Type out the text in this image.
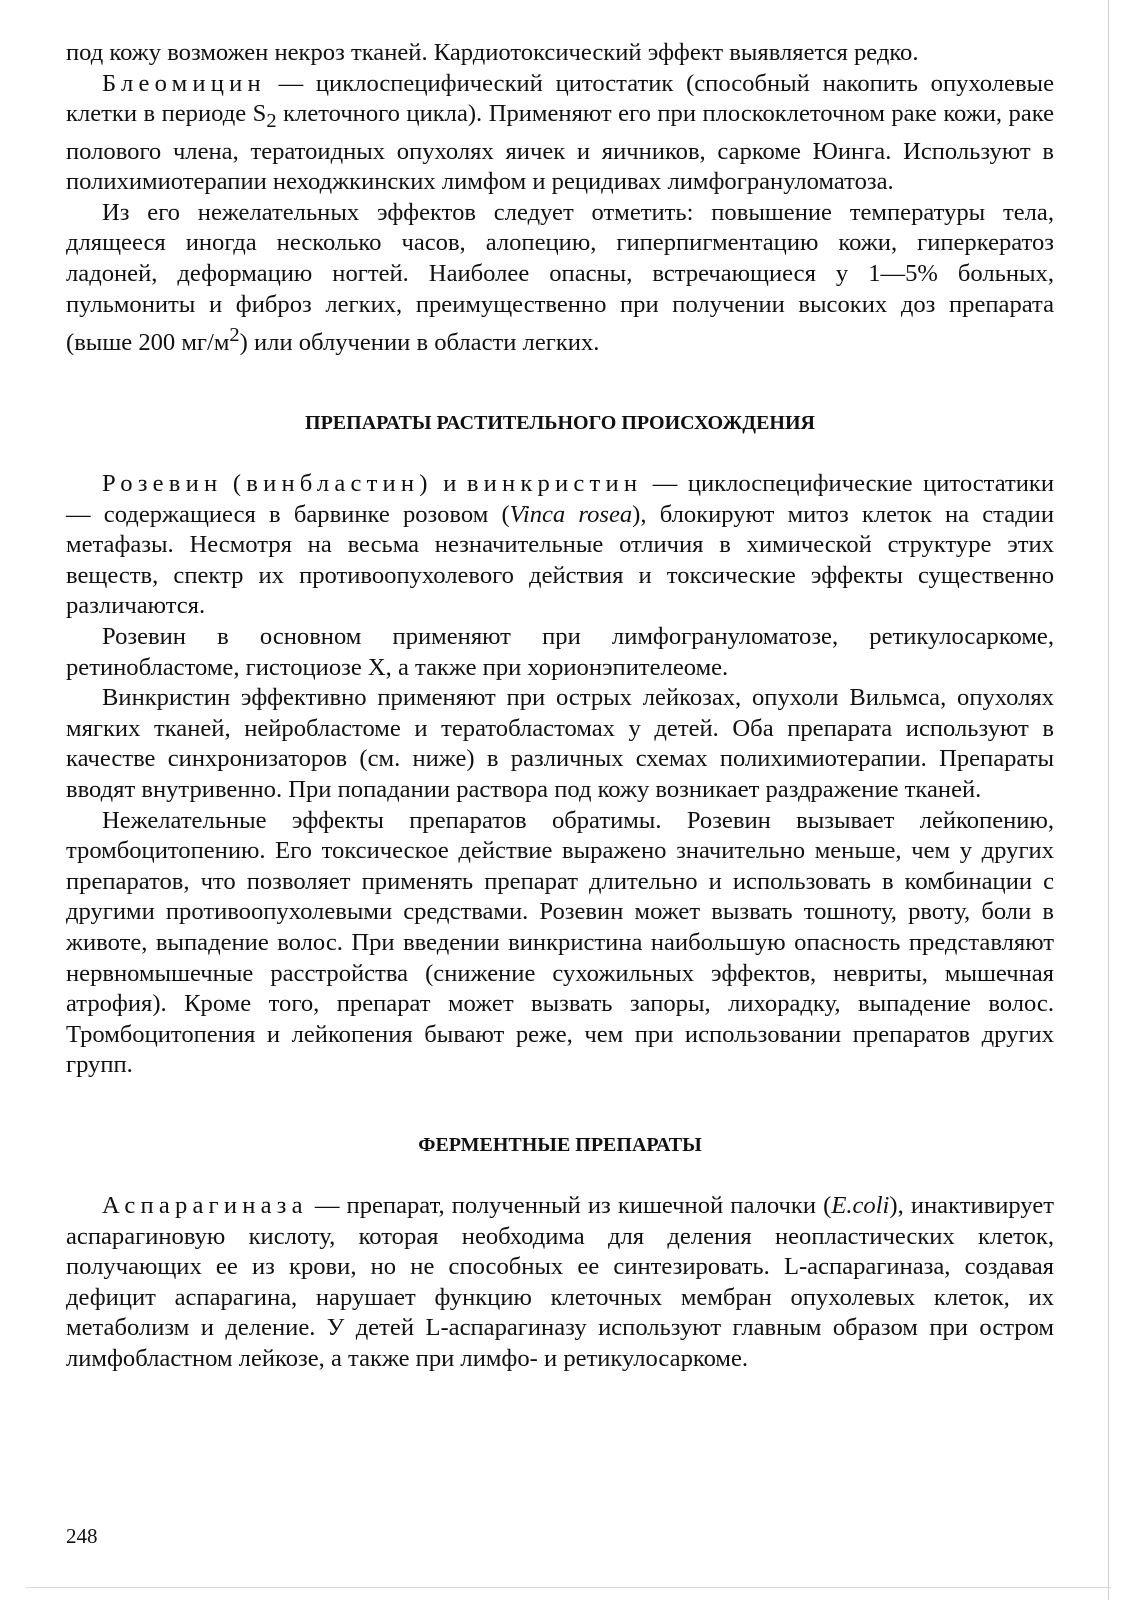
под кожу возможен некроз тканей. Кардиотоксический эффект выявляется редко.

Блеомицин — циклоспецифический цитостатик (способный накопить опухолевые клетки в периоде $S_2$ клеточного цикла). Применяют его при плоскоклеточном раке кожи, раке полового члена, тератоидных опухолях яичек и яичников, саркоме Юинга. Используют в полихимиотерапии неходжкинских лимфом и рецидивах лимфогрануломатоза.

Из его нежелательных эффектов следует отметить: повышение температуры тела, длящееся иногда несколько часов, алопецию, гиперпигментацию кожи, гиперкератоз ладоней, деформацию ногтей. Наиболее опасны, встречающиеся у 1—5% больных, пульмониты и фиброз легких, преимущественно при получении высоких доз препарата (выше 200 $мг/м^2$) или облучении в области легких.

ПРЕПАРАТЫ РАСТИТЕЛЬНОГО ПРОИСХОЖДЕНИЯ

Розевин (винбластин) и винкристин — циклоспецифические цитостатики — содержащиеся в барвинке розовом (Vinca rosea), блокируют митоз клеток на стадии метафазы. Несмотря на весьма незначительные отличия в химической структуре этих веществ, спектр их противоопухолевого действия и токсические эффекты существенно различаются.

Розевин в основном применяют при лимфогрануломатозе, ретикулосаркоме, ретинобластоме, гистоциозе X, а также при хорионэпителеоме.

Винкристин эффективно применяют при острых лейкозах, опухоли Вильмса, опухолях мягких тканей, нейробластоме и тератобластомах у детей. Оба препарата используют в качестве синхронизаторов (см. ниже) в различных схемах полихимиотерапии. Препараты вводят внутривенно. При попадании раствора под кожу возникает раздражение тканей.

Нежелательные эффекты препаратов обратимы. Розевин вызывает лейкопению, тромбоцитопению. Его токсическое действие выражено значительно меньше, чем у других препаратов, что позволяет применять препарат длительно и использовать в комбинации с другими противоопухолевыми средствами. Розевин может вызвать тошноту, рвоту, боли в животе, выпадение волос. При введении винкристина наибольшую опасность представляют нервномышечные расстройства (снижение сухожильных эффектов, невриты, мышечная атрофия). Кроме того, препарат может вызвать запоры, лихорадку, выпадение волос. Тромбоцитопения и лейкопения бывают реже, чем при использовании препаратов других групп.

ФЕРМЕНТНЫЕ ПРЕПАРАТЫ

Аспарагиназа — препарат, полученный из кишечной палочки (E.coli), инактивирует аспарагиновую кислоту, которая необходима для деления неопластических клеток, получающих ее из крови, но не способных ее синтезировать. L-аспарагиназа, создавая дефицит аспарагина, нарушает функцию клеточных мембран опухолевых клеток, их метаболизм и деление. У детей L-аспарагиназу используют главным образом при остром лимфобластном лейкозе, а также при лимфо- и ретикулосаркоме.

248
